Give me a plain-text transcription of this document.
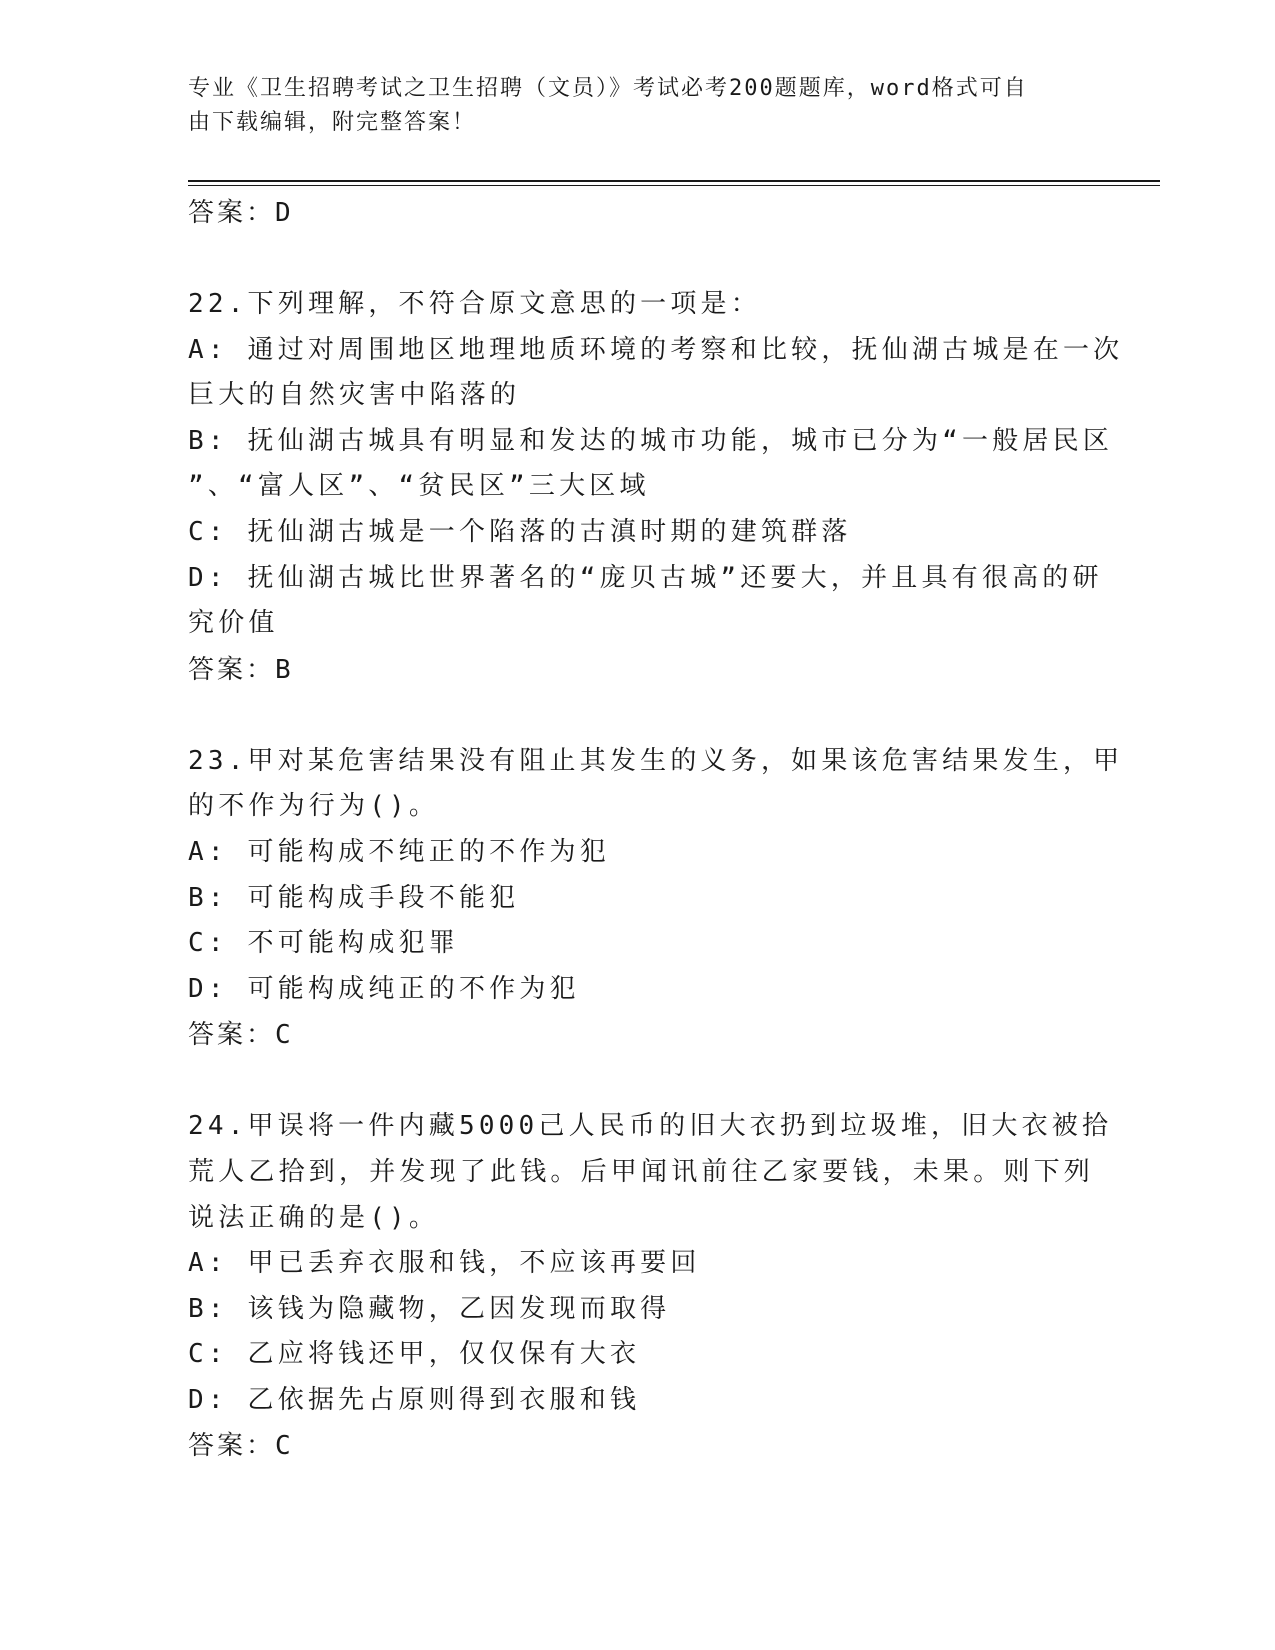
专业《卫生招聘考试之卫生招聘（文员）》考试必考200题题库，word格式可自
由下载编辑，附完整答案！
答案：D
22.下列理解，不符合原文意思的一项是：
A: 通过对周围地区地理地质环境的考察和比较，抚仙湖古城是在一次
巨大的自然灾害中陷落的
B: 抚仙湖古城具有明显和发达的城市功能，城市已分为“一般居民区
”、“富人区”、“贫民区”三大区域
C: 抚仙湖古城是一个陷落的古滇时期的建筑群落
D: 抚仙湖古城比世界著名的“庞贝古城”还要大，并且具有很高的研
究价值
答案：B
23.甲对某危害结果没有阻止其发生的义务，如果该危害结果发生，甲
的不作为行为()。
A: 可能构成不纯正的不作为犯
B: 可能构成手段不能犯
C: 不可能构成犯罪
D: 可能构成纯正的不作为犯
答案：C
24.甲误将一件内藏5000己人民币的旧大衣扔到垃圾堆，旧大衣被拾
荒人乙拾到，并发现了此钱。后甲闻讯前往乙家要钱，未果。则下列
说法正确的是()。
A: 甲已丢弃衣服和钱，不应该再要回
B: 该钱为隐藏物，乙因发现而取得
C: 乙应将钱还甲，仅仅保有大衣
D: 乙依据先占原则得到衣服和钱
答案：C
